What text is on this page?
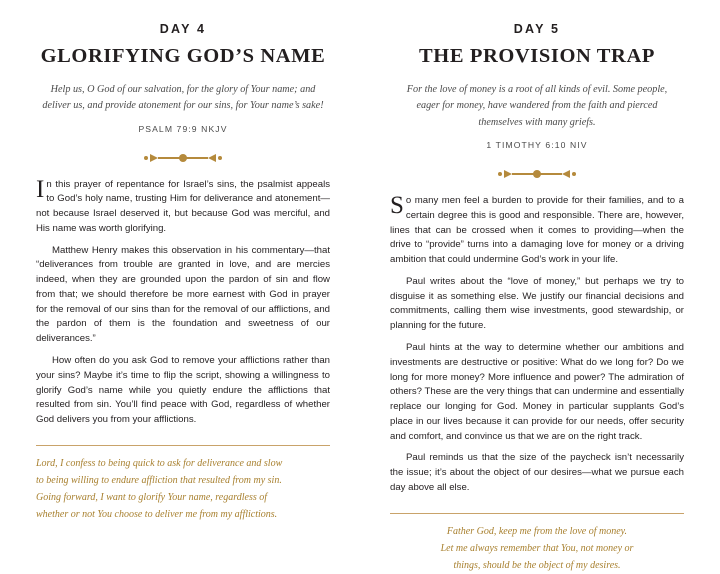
DAY 4
GLORIFYING GOD’S NAME
Help us, O God of our salvation, for the glory of Your name; and deliver us, and provide atonement for our sins, for Your name’s sake!
PSALM 79:9 NKJV

In this prayer of repentance for Israel’s sins, the psalmist appeals to God’s holy name, trusting Him for deliverance and atonement—not because Israel deserved it, but because God was merciful, and His name was worth glorifying.

Matthew Henry makes this observation in his commentary—that “deliverances from trouble are granted in love, and are mercies indeed, when they are grounded upon the pardon of sin and flow from that; we should therefore be more earnest with God in prayer for the removal of our sins than for the removal of our afflictions, and the pardon of them is the foundation and sweetness of our deliverances.”

How often do you ask God to remove your afflictions rather than your sins? Maybe it’s time to flip the script, showing a willingness to glorify God’s name while you quietly endure the afflictions that resulted from sin. You’ll find peace with God, regardless of whether God delivers you from your afflictions.

Lord, I confess to being quick to ask for deliverance and slow
to being willing to endure affliction that resulted from my sin.
Going forward, I want to glorify Your name, regardless of
whether or not You choose to deliver me from my afflictions.
DAY 5
THE PROVISION TRAP
For the love of money is a root of all kinds of evil. Some people, eager for money, have wandered from the faith and pierced themselves with many griefs.
1 TIMOTHY 6:10 NIV

So many men feel a burden to provide for their families, and to a certain degree this is good and responsible. There are, however, lines that can be crossed when it comes to providing—when the drive to “provide” turns into a damaging love for money or a driving ambition that could undermine God’s work in your life.

Paul writes about the “love of money,” but perhaps we try to disguise it as something else. We justify our financial decisions and commitments, calling them wise investments, good stewardship, or planning for the future.

Paul hints at the way to determine whether our ambitions and investments are destructive or positive: What do we long for? Do we long for more money? More influence and power? The admiration of others? These are the very things that can undermine and essentially replace our longing for God. Money in particular supplants God’s place in our lives because it can provide for our needs, offer security and comfort, and convince us that we are on the right track.

Paul reminds us that the size of the paycheck isn’t necessarily the issue; it’s about the object of our desires—what we pursue each day above all else.

Father God, keep me from the love of money.
Let me always remember that You, not money or
things, should be the object of my desires.
